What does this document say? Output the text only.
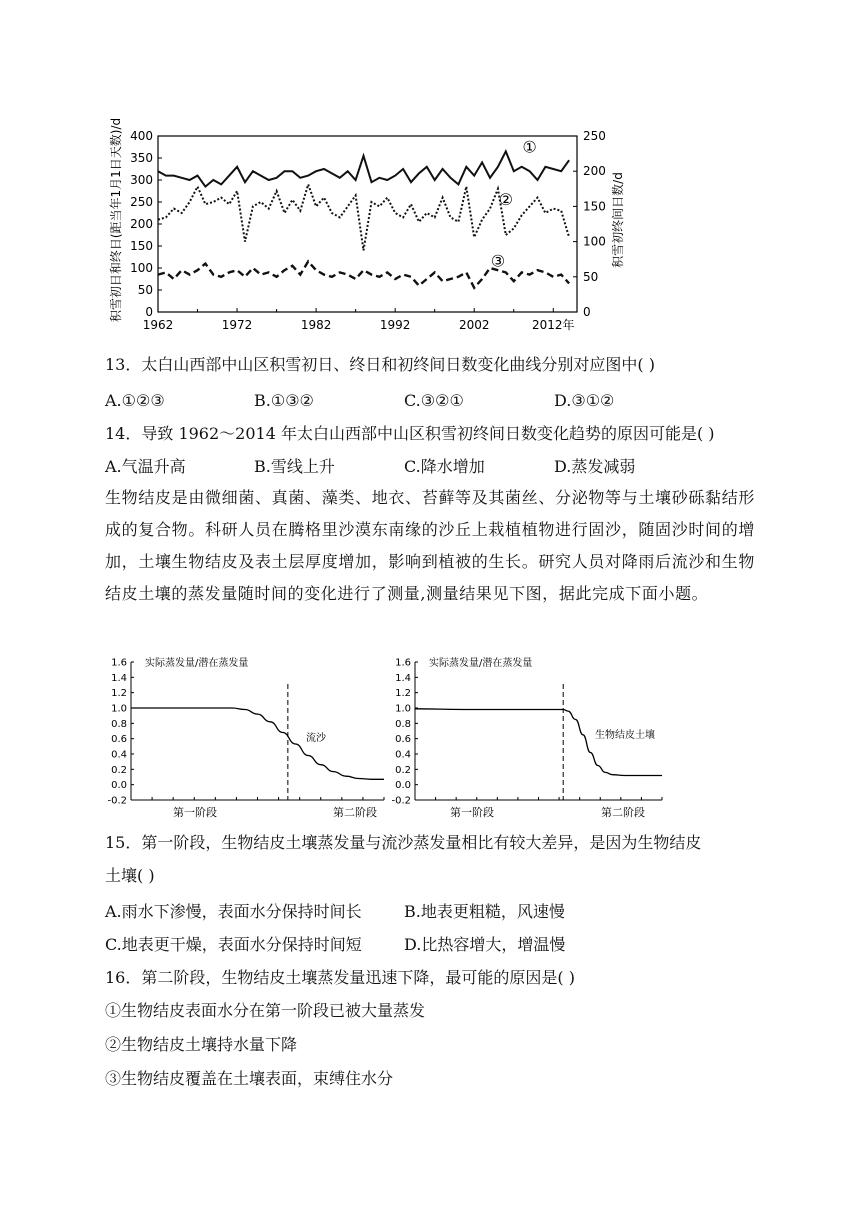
400
350
300
250
200
150
100
50
0
250
200
150
100
50
0
1962	1972	1982	1992	2002	2012年
①
②
③
积雪初日和终日(距当年1月1日天数)/d	积雪初终间日数/d
13．太白山西部中山区积雪初日、终日和初终间日数变化曲线分别对应图中( )
A.①②③	B.①③②	C.③②①	D.③①②
14．导致 1962～2014 年太白山西部中山区积雪初终间日数变化趋势的原因可能是( )
A.气温升高	B.雪线上升	C.降水增加	D.蒸发减弱
生物结皮是由微细菌、真菌、藻类、地衣、苔藓等及其菌丝、分泌物等与土壤砂砾黏结形成的复合物。科研人员在腾格里沙漠东南缘的沙丘上栽植植物进行固沙，随固沙时间的增加，土壤生物结皮及表土层厚度增加，影响到植被的生长。研究人员对降雨后流沙和生物结皮土壤的蒸发量随时间的变化进行了测量,测量结果见下图，据此完成下面小题。
1.6
1.4
1.2
1.0
0.8
0.6
0.4
0.2
0.0
-0.2
实际蒸发量/潜在蒸发量
流沙
第一阶段	第二阶段
1.6
1.4
1.2
1.0
0.8
0.6
0.4
0.2
0.0
-0.2
实际蒸发量/潜在蒸发量
生物结皮土壤
第一阶段	第二阶段
15．第一阶段，生物结皮土壤蒸发量与流沙蒸发量相比有较大差异，是因为生物结皮
土壤( )
A.雨水下渗慢，表面水分保持时间长	B.地表更粗糙，风速慢
C.地表更干燥，表面水分保持时间短	D.比热容增大，增温慢
16．第二阶段，生物结皮土壤蒸发量迅速下降，最可能的原因是( )
①生物结皮表面水分在第一阶段已被大量蒸发
②生物结皮土壤持水量下降
③生物结皮覆盖在土壤表面，束缚住水分
